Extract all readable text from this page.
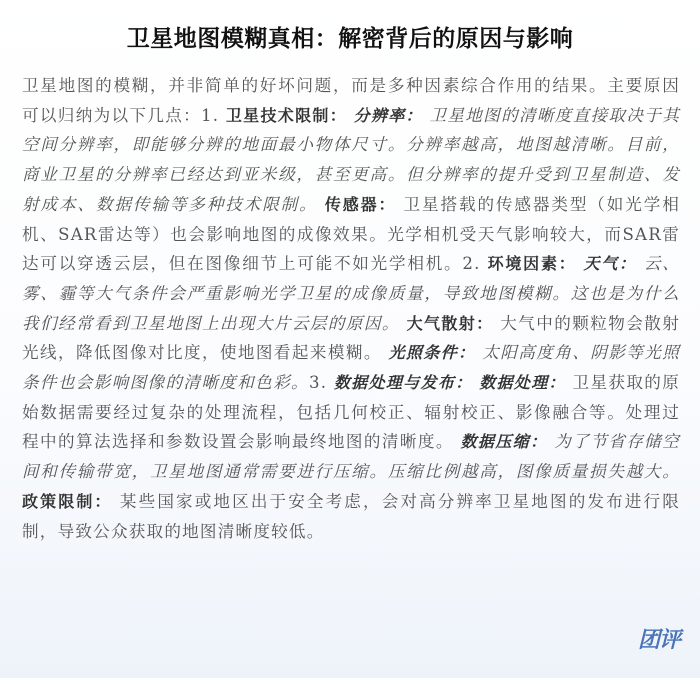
卫星地图模糊真相：解密背后的原因与影响

卫星地图的模糊，并非简单的好坏问题，而是多种因素综合作用的结果。主要原因可以归纳为以下几点：1. 卫星技术限制： 分辨率： 卫星地图的清晰度直接取决于其空间分辨率，即能够分辨的地面最小物体尺寸。分辨率越高，地图越清晰。目前，商业卫星的分辨率已经达到亚米级，甚至更高。但分辨率的提升受到卫星制造、发射成本、数据传输等多种技术限制。 传感器： 卫星搭载的传感器类型（如光学相机、SAR雷达等）也会影响地图的成像效果。光学相机受天气影响较大，而SAR雷达可以穿透云层，但在图像细节上可能不如光学相机。2. 环境因素： 天气： 云、雾、霾等大气条件会严重影响光学卫星的成像质量，导致地图模糊。这也是为什么我们经常看到卫星地图上出现大片云层的原因。 大气散射： 大气中的颗粒物会散射光线，降低图像对比度，使地图看起来模糊。 光照条件： 太阳高度角、阴影等光照条件也会影响图像的清晰度和色彩。3. 数据处理与发布： 数据处理： 卫星获取的原始数据需要经过复杂的处理流程，包括几何校正、辐射校正、影像融合等。处理过程中的算法选择和参数设置会影响最终地图的清晰度。 数据压缩： 为了节省存储空间和传输带宽，卫星地图通常需要进行压缩。压缩比例越高，图像质量损失越大。 政策限制： 某些国家或地区出于安全考虑，会对高分辨率卫星地图的发布进行限制，导致公众获取的地图清晰度较低。

团评
